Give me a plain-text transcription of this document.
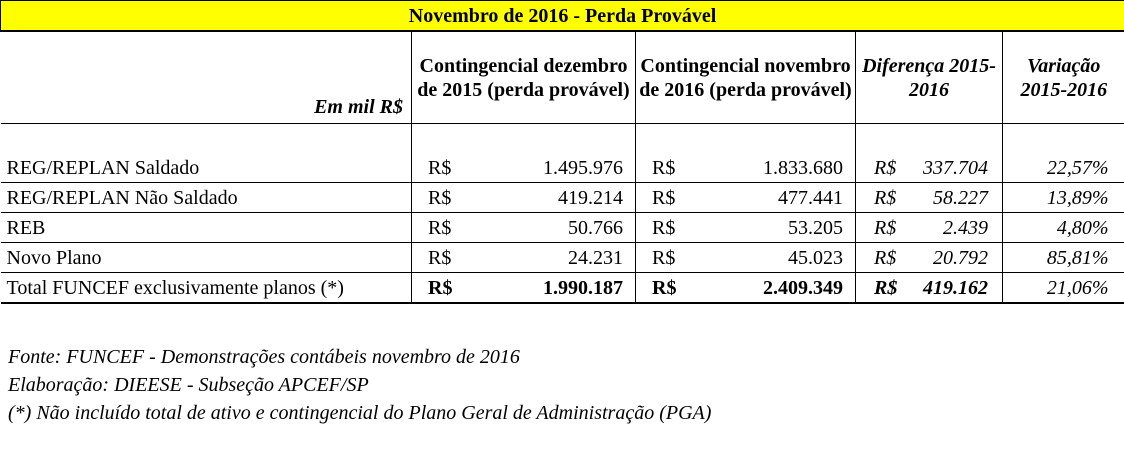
Novembro de 2016 - Perda Provável							
Em mil R$	Contingencial dezembro de 2015 (perda provável)		Contingencial novembro de 2016 (perda provável)		Diferença 2015-2016		Variação 2015-2016

REG/REPLAN Saldado	R$	1.495.976	R$	1.833.680	R$	337.704	22,57%
REG/REPLAN Não Saldado	R$	419.214	R$	477.441	R$	58.227	13,89%
REB	R$	50.766	R$	53.205	R$	2.439	4,80%
Novo Plano	R$	24.231	R$	45.023	R$	20.792	85,81%
Total FUNCEF exclusivamente planos (*)	R$	1.990.187	R$	2.409.349	R$	419.162	21,06%

Fonte: FUNCEF - Demonstrações contábeis novembro de 2016
Elaboração: DIEESE - Subseção APCEF/SP
(*) Não incluído total de ativo e contingencial do Plano Geral de Administração (PGA)
